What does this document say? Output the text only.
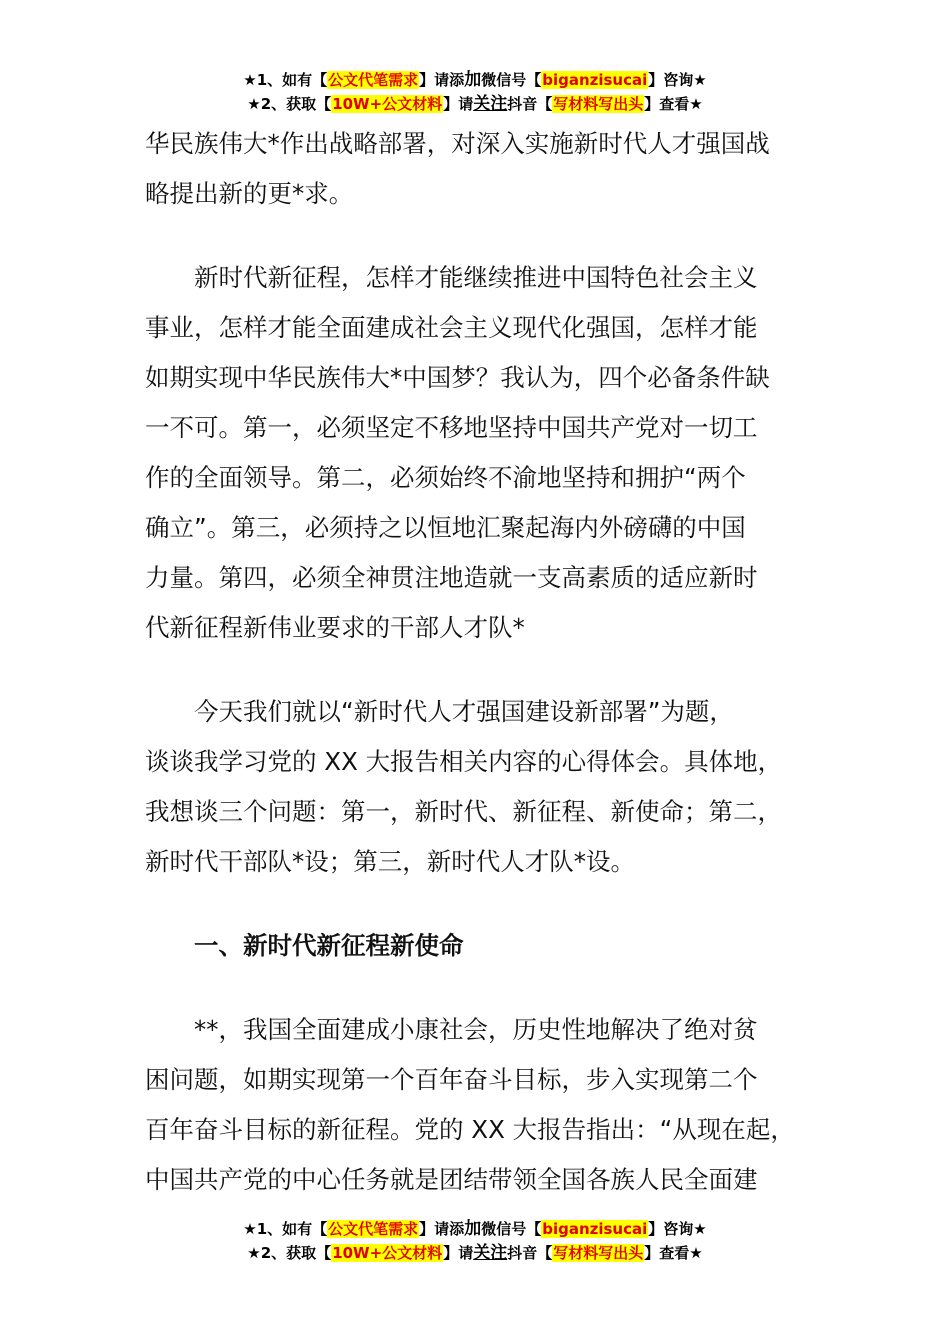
★1、如有【公文代笔需求】请添加微信号【biganzisucai】咨询★
★2、获取【10W+公文材料】请关注抖音【写材料写出头】查看★

华民族伟大*作出战略部署，对深入实施新时代人才强国战

略提出新的更*求。

新时代新征程，怎样才能继续推进中国特色社会主义

事业，怎样才能全面建成社会主义现代化强国，怎样才能

如期实现中华民族伟大*中国梦？我认为，四个必备条件缺

一不可。第一，必须坚定不移地坚持中国共产党对一切工

作的全面领导。第二，必须始终不渝地坚持和拥护“两个

确立”。第三，必须持之以恒地汇聚起海内外磅礴的中国

力量。第四，必须全神贯注地造就一支高素质的适应新时

代新征程新伟业要求的干部人才队*

今天我们就以“新时代人才强国建设新部署”为题，

谈谈我学习党的 XX 大报告相关内容的心得体会。具体地，

我想谈三个问题：第一，新时代、新征程、新使命；第二，

新时代干部队*设；第三，新时代人才队*设。

一、新时代新征程新使命

**，我国全面建成小康社会，历史性地解决了绝对贫

困问题，如期实现第一个百年奋斗目标，步入实现第二个

百年奋斗目标的新征程。党的 XX 大报告指出：“从现在起，

中国共产党的中心任务就是团结带领全国各族人民全面建

★1、如有【公文代笔需求】请添加微信号【biganzisucai】咨询★
★2、获取【10W+公文材料】请关注抖音【写材料写出头】查看★
